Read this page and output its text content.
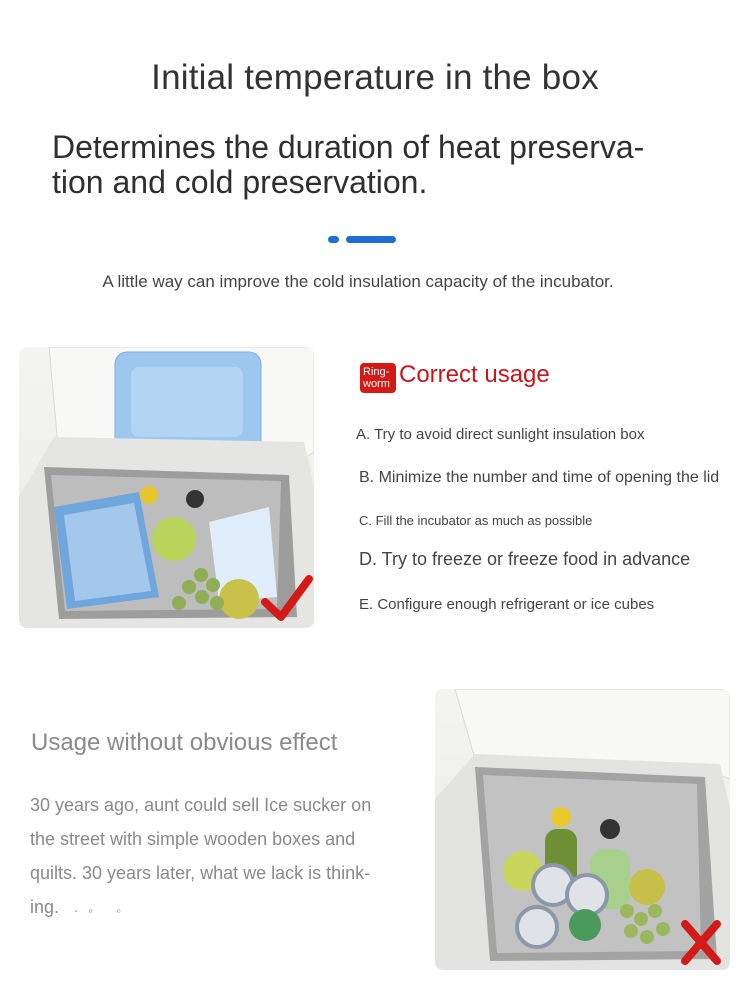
Initial temperature in the box
Determines the duration of heat preserva-
tion and cold preservation.
A little way can improve the cold insulation capacity of the incubator.
Ring-worm Correct usage
A. Try to avoid direct sunlight insulation box
B. Minimize the number and time of opening the lid
C. Fill the incubator as much as possible
D. Try to freeze or freeze food in advance
E. Configure enough refrigerant or ice cubes
Usage without obvious effect
30 years ago, aunt could sell Ice sucker on
the street with simple wooden boxes and
quilts. 30 years later, what we lack is think-
ing.	·◦ ◦
